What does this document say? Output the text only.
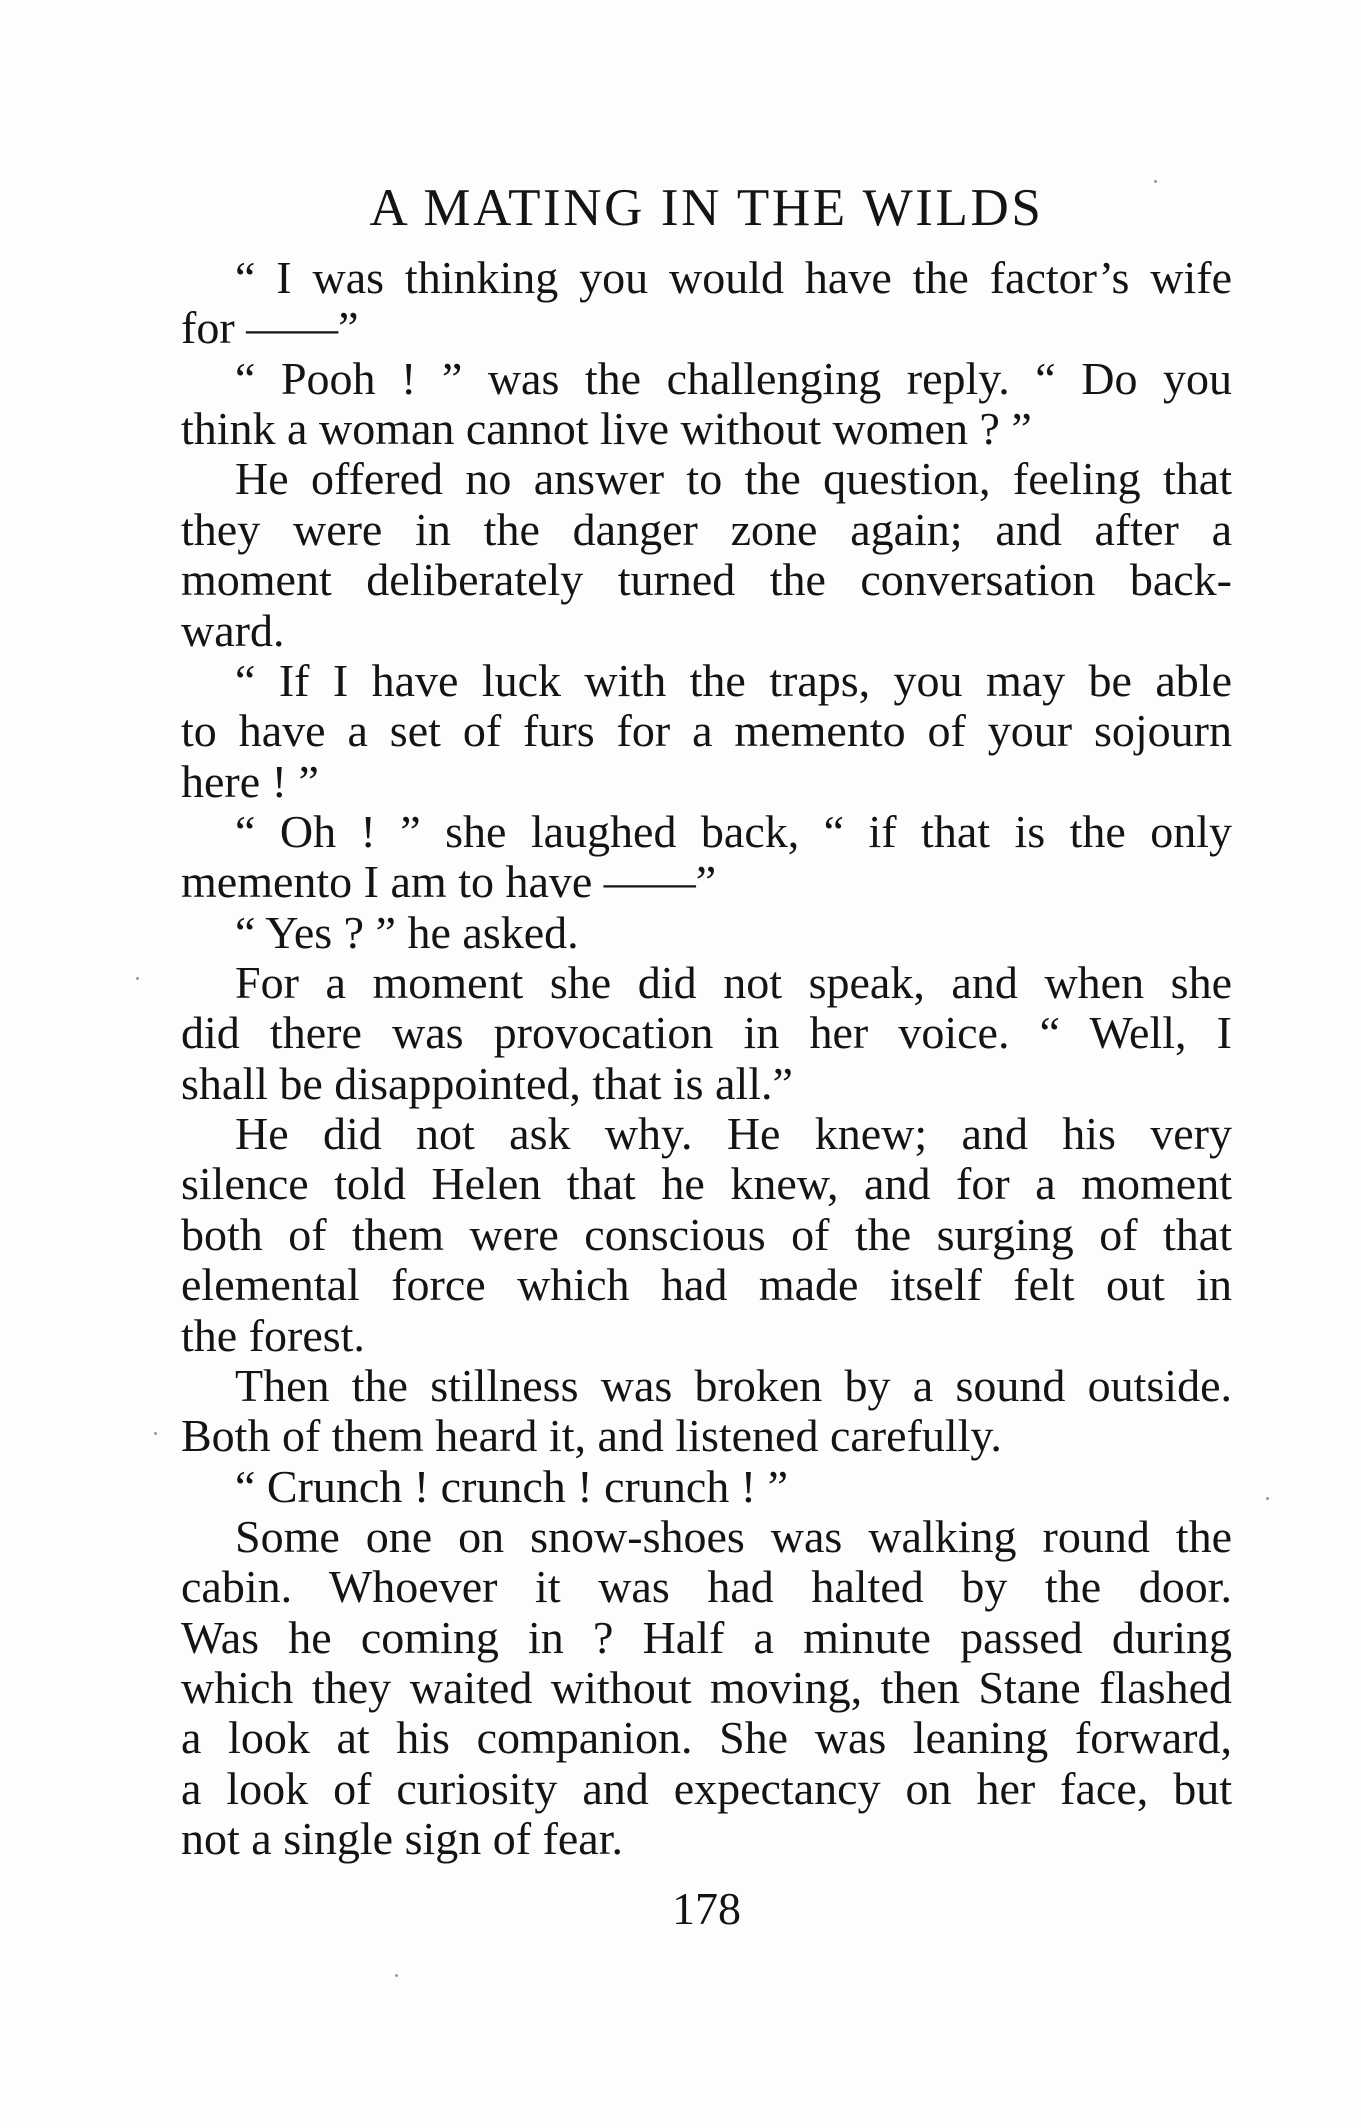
A MATING IN THE WILDS
“ I was thinking you would have the factor’s wife
for ——”
“ Pooh ! ” was the challenging reply. “ Do you
think a woman cannot live without women ? ”
He offered no answer to the question, feeling that
they were in the danger zone again; and after a
moment deliberately turned the conversation back-
ward.
“ If I have luck with the traps, you may be able
to have a set of furs for a memento of your sojourn
here ! ”
“ Oh ! ” she laughed back, “ if that is the only
memento I am to have ——”
“ Yes ? ” he asked.
For a moment she did not speak, and when she
did there was provocation in her voice. “ Well, I
shall be disappointed, that is all.”
He did not ask why. He knew; and his very
silence told Helen that he knew, and for a moment
both of them were conscious of the surging of that
elemental force which had made itself felt out in
the forest.
Then the stillness was broken by a sound outside.
Both of them heard it, and listened carefully.
“ Crunch ! crunch ! crunch ! ”
Some one on snow-shoes was walking round the
cabin. Whoever it was had halted by the door.
Was he coming in ? Half a minute passed during
which they waited without moving, then Stane flashed
a look at his companion. She was leaning forward,
a look of curiosity and expectancy on her face, but
not a single sign of fear.
178
